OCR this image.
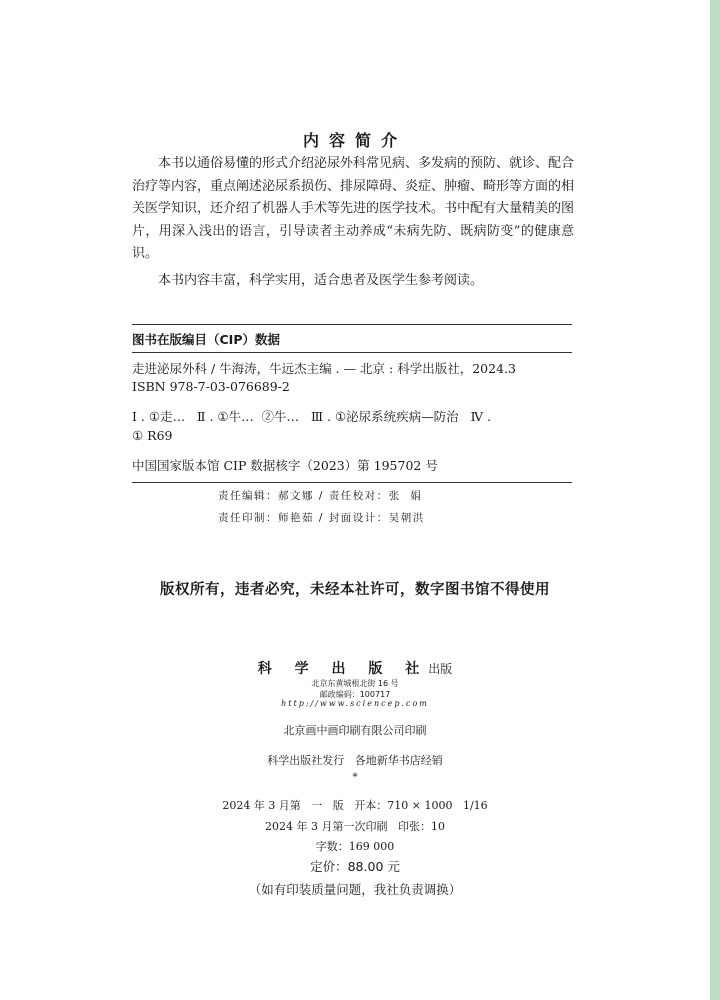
内容简介

本书以通俗易懂的形式介绍泌尿外科常见病、多发病的预防、就诊、配合治疗等内容，重点阐述泌尿系损伤、排尿障碍、炎症、肿瘤、畸形等方面的相关医学知识，还介绍了机器人手术等先进的医学技术。书中配有大量精美的图片，用深入浅出的语言，引导读者主动养成“未病先防、既病防变”的健康意识。

本书内容丰富，科学实用，适合患者及医学生参考阅读。

图书在版编目（CIP）数据
走进泌尿外科 / 牛海涛，牛远杰主编 . — 北京 : 科学出版社，2024.3
ISBN 978-7-03-076689-2
Ⅰ . ①走…   Ⅱ . ①牛…  ②牛…   Ⅲ . ①泌尿系统疾病—防治   Ⅳ .
① R69
中国国家版本馆 CIP 数据核字（2023）第 195702 号
责任编辑：郝文娜 / 责任校对：张  娟
责任印制：师艳茹 / 封面设计：吴朝洪
版权所有，违者必究，未经本社许可，数字图书馆不得使用
科 学 出 版 社出版
北京东黄城根北街 16 号
邮政编码：100717
http://www.sciencep.com
北京画中画印刷有限公司印刷
科学出版社发行   各地新华书店经销
*
2024 年 3 月第   一   版   开本：710 × 1000   1/16
2024 年 3 月第一次印刷   印张：10
字数：169 000
定价：88.00 元
（如有印装质量问题，我社负责调换）
